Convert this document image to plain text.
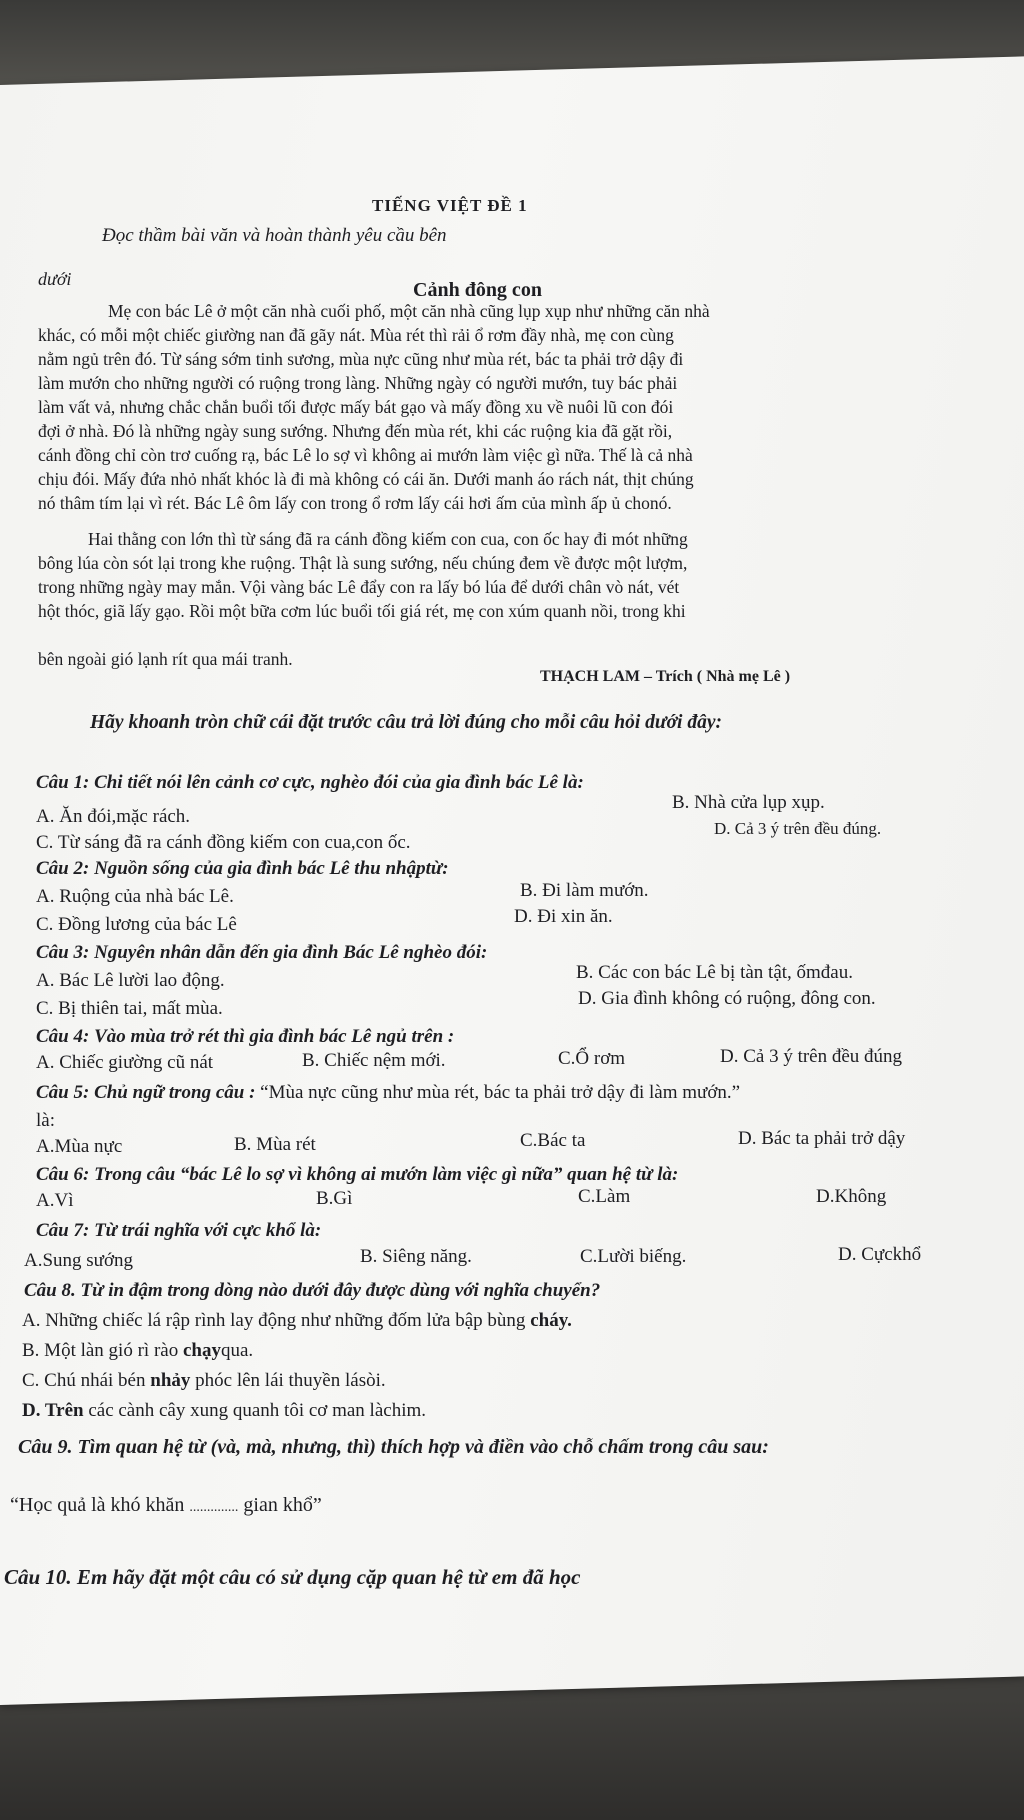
TIẾNG VIỆT ĐỀ 1

Đọc thầm bài văn và hoàn thành yêu cầu bên

dưới	Cảnh đông con

Mẹ con bác Lê ở một căn nhà cuối phố, một căn nhà cũng lụp xụp như những căn nhà

khác, có mỗi một chiếc giường nan đã gãy nát. Mùa rét thì rải ổ rơm đầy nhà, mẹ con cùng

nằm ngủ trên đó. Từ sáng sớm tinh sương, mùa nực cũng như mùa rét, bác ta phải trở dậy đi

làm mướn cho những người có ruộng trong làng. Những ngày có người mướn, tuy bác phải

làm vất vả, nhưng chắc chắn buổi tối được mấy bát gạo và mấy đồng xu về nuôi lũ con đói

đợi ở nhà. Đó là những ngày sung sướng. Nhưng đến mùa rét, khi các ruộng kia đã gặt rồi,

cánh đồng chỉ còn trơ cuống rạ, bác Lê lo sợ vì không ai mướn làm việc gì nữa. Thế là cả nhà

chịu đói. Mấy đứa nhỏ nhất khóc là đi mà không có cái ăn. Dưới manh áo rách nát, thịt chúng

nó thâm tím lại vì rét. Bác Lê ôm lấy con trong ổ rơm lấy cái hơi ấm của mình ấp ủ chonó.

Hai thằng con lớn thì từ sáng đã ra cánh đồng kiếm con cua, con ốc hay đi mót những

bông lúa còn sót lại trong khe ruộng. Thật là sung sướng, nếu chúng đem về được một lượm,

trong những ngày may mắn. Vội vàng bác Lê đẩy con ra lấy bó lúa để dưới chân vò nát, vét

hột thóc, giã lấy gạo. Rồi một bữa cơm lúc buổi tối giá rét, mẹ con xúm quanh nồi, trong khi

bên ngoài gió lạnh rít qua mái tranh.

THẠCH LAM – Trích ( Nhà mẹ Lê )

Hãy khoanh tròn chữ cái đặt trước câu trả lời đúng cho mỗi câu hỏi dưới đây:

Câu 1: Chi tiết nói lên cảnh cơ cực, nghèo đói của gia đình bác Lê là:

A. Ăn đói,mặc rách.

B. Nhà cửa lụp xụp.

C. Từ sáng đã ra cánh đồng kiếm con cua,con ốc.

D. Cả 3 ý trên đều đúng.

Câu 2: Nguồn sống của gia đình bác Lê thu nhậptừ:

A. Ruộng của nhà bác Lê.	B. Đi làm mướn.

C. Đồng lương của bác Lê	D. Đi xin ăn.

Câu 3: Nguyên nhân dẫn đến gia đình Bác Lê nghèo đói:

A. Bác Lê lười lao động.	B. Các con bác Lê bị tàn tật, ốmđau.

C. Bị thiên tai, mất mùa.	D. Gia đình không có ruộng, đông con.

Câu 4: Vào mùa trở rét thì gia đình bác Lê ngủ trên :

A. Chiếc giường cũ nát	B. Chiếc nệm mới.	C.Ổ rơm	D. Cả 3 ý trên đều đúng

Câu 5: Chủ ngữ trong câu : “Mùa nực cũng như mùa rét, bác ta phải trở dậy đi làm mướn.”

là:

A.Mùa nực	B. Mùa rét	C.Bác ta	D. Bác ta phải trở dậy

Câu 6: Trong câu “bác Lê lo sợ vì không ai mướn làm việc gì nữa” quan hệ từ là:

A.Vì	B.Gì	C.Làm	D.Không

Câu 7: Từ trái nghĩa với cực khổ là:

A.Sung sướng	B. Siêng năng.	C.Lười biếng.	D. Cựckhổ

Câu 8. Từ in đậm trong dòng nào dưới đây được dùng với nghĩa chuyển?

A. Những chiếc lá rập rình lay động như những đốm lửa bập bùng cháy.

B. Một làn gió rì rào chạyqua.

C. Chú nhái bén nhảy phóc lên lái thuyền lásòi.

D. Trên các cành cây xung quanh tôi cơ man làchim.

Câu 9. Tìm quan hệ từ (và, mà, nhưng, thì) thích hợp và điền vào chỗ chấm trong câu sau:

“Học quả là khó khăn .............. gian khổ”

Câu 10. Em hãy đặt một câu có sử dụng cặp quan hệ từ em đã học
